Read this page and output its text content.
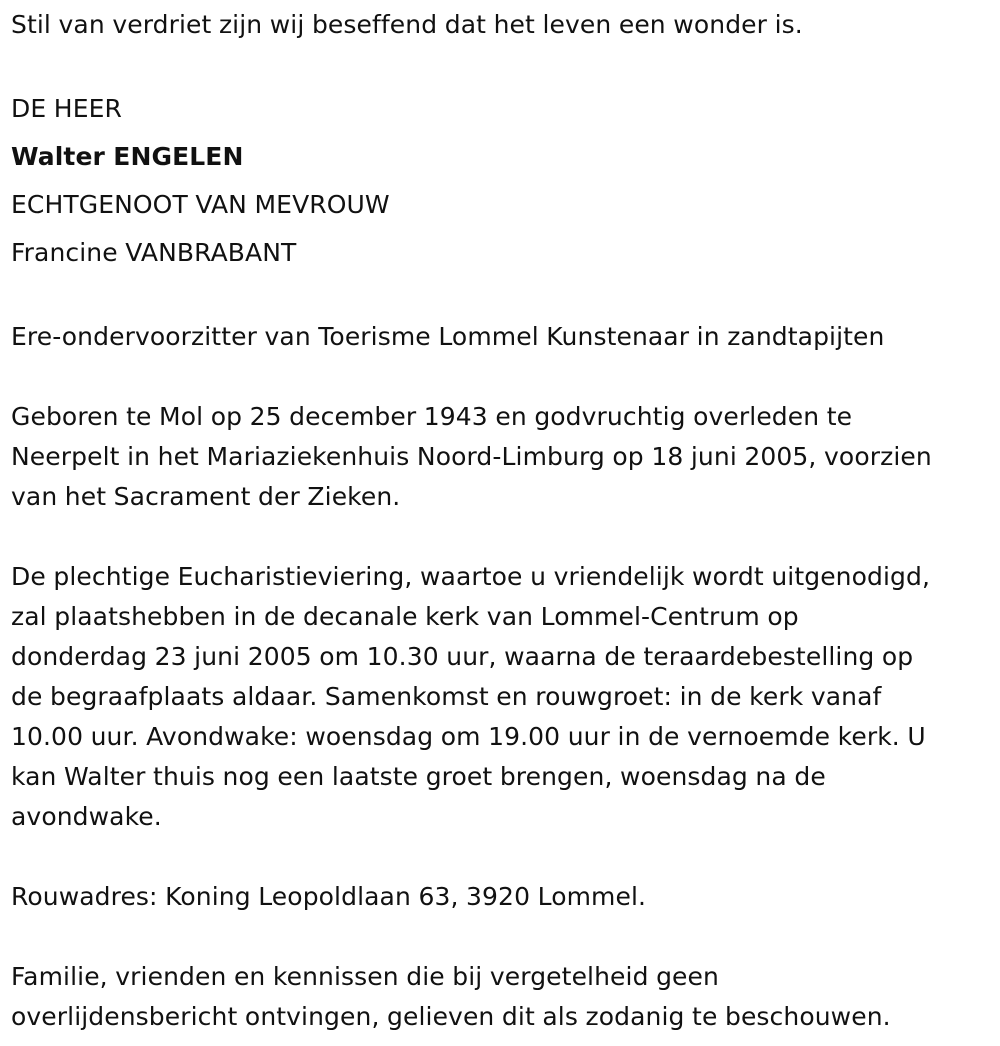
Stil van verdriet zijn wij beseffend dat het leven een wonder is.

DE HEER

Walter ENGELEN

ECHTGENOOT VAN MEVROUW

Francine VANBRABANT

Ere-ondervoorzitter van Toerisme Lommel Kunstenaar in zandtapijten

Geboren te Mol op 25 december 1943 en godvruchtig overleden te

Neerpelt in het Mariaziekenhuis Noord-Limburg op 18 juni 2005, voorzien

van het Sacrament der Zieken.

De plechtige Eucharistieviering, waartoe u vriendelijk wordt uitgenodigd,

zal plaatshebben in de decanale kerk van Lommel-Centrum op

donderdag 23 juni 2005 om 10.30 uur, waarna de teraardebestelling op

de begraafplaats aldaar. Samenkomst en rouwgroet: in de kerk vanaf

10.00 uur. Avondwake: woensdag om 19.00 uur in de vernoemde kerk. U

kan Walter thuis nog een laatste groet brengen, woensdag na de

avondwake.

Rouwadres: Koning Leopoldlaan 63, 3920 Lommel.

Familie, vrienden en kennissen die bij vergetelheid geen

overlijdensbericht ontvingen, gelieven dit als zodanig te beschouwen.
